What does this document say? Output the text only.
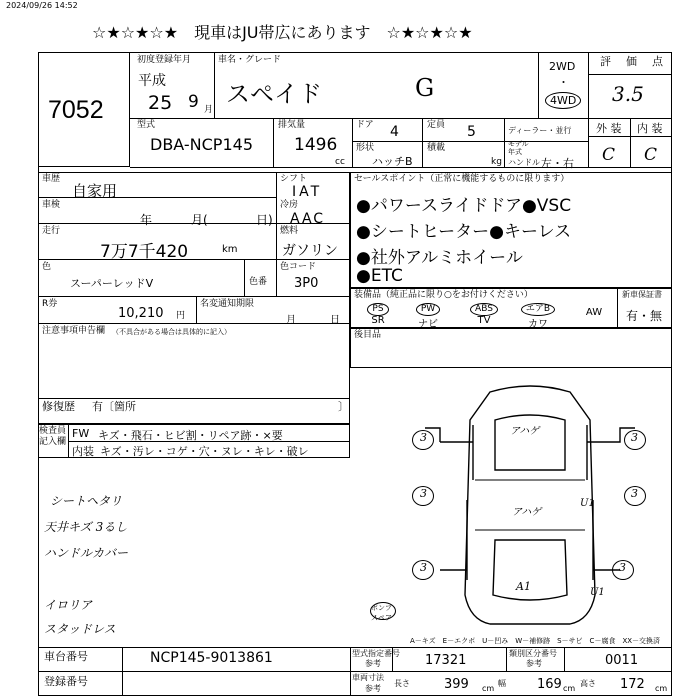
2024/09/26 14:52
☆★☆★☆★　現車はJU帯広にあります　☆★☆★☆★
7052
初度登録年月
平成
25 9 月
車名・グレード
スペイド	G
2WD
・
4WD
評　価　点
3.5
型式
DBA-NCP145
排気量
1496
cc
ドア 4	定員 5	ディーラー・並行
モデル
年式
形状
ハッチB
積載
kg ハンドル 左・右
外 装 内 装
C C
車歴
自家用
シフト
IAT
車検
年	月(	日)
冷房
AAC
走行
7万7千420	km
燃料
ガソリン
色
スーパーレッドV	色番
色コード
3P0
R券
10,210 円
名変通知期限
月	日
注意事項申告欄 （不具合がある場合は具体的に記入）
修復歴 有〔箇所	〕
セールスポイント（正常に機能するものに限ります）
●パワースライドドア●VSC
●シートヒーター●キーレス
●社外アルミホイール
●ETC
装備品（純正品に限り○をお付けください）
PS
SR
PW
ナビ
ABS
TV
エアB
カワ
AW
新車保証書
有・無
後目品
検査員
記入欄
FW キズ・飛石・ヒビ割・リペア跡・×要
内装 キズ・汚レ・コゲ・穴・ヌレ・キレ・破レ
シートヘタリ
天井キズ 3るし
ハンドルカバー
イロリア
スタッドレス
3	3
3
3	3
3
アハゲ
アハゲ
U1
A1	U1
ボンプ
スペア
A－キズ　E－エクボ　U－凹み　W－補修跡　S－サビ　C－腐食　XX－交換済
車台番号	NCP145-9013861
登録番号
型式指定番号
参考	17321	類別区分番号
参考	0011
車両寸法
参考
長さ	399 cm
幅 169 cm
高さ 172 cm
